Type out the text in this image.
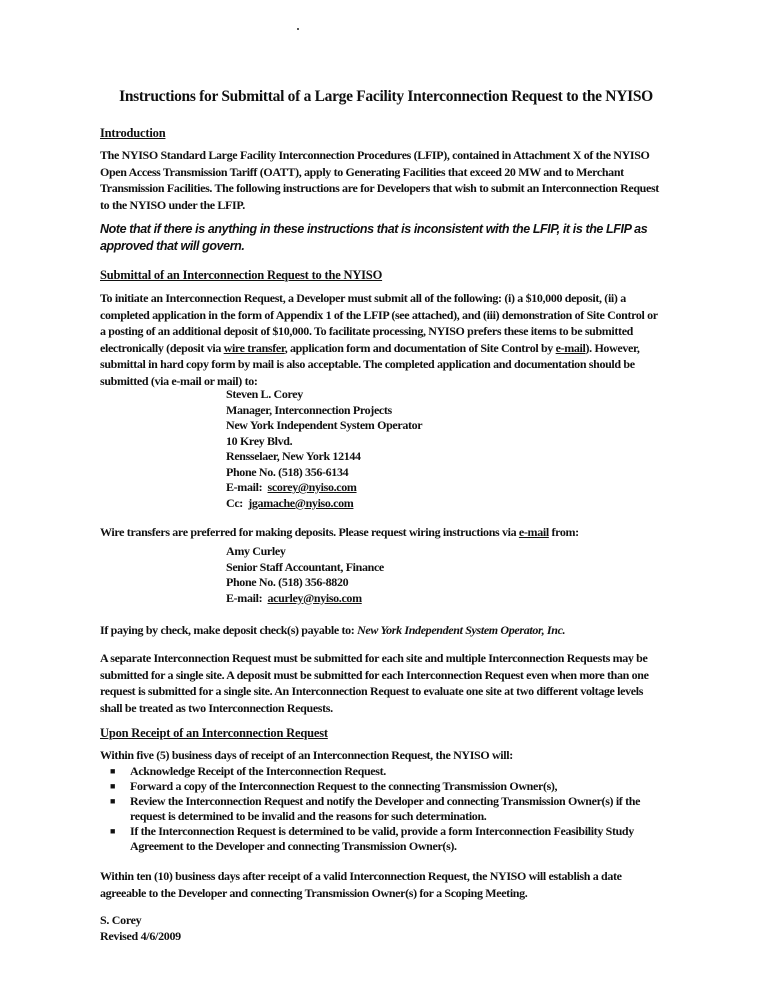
Instructions for Submittal of a Large Facility Interconnection Request to the NYISO
Introduction

The NYISO Standard Large Facility Interconnection Procedures (LFIP), contained in Attachment X of the NYISO Open Access Transmission Tariff (OATT), apply to Generating Facilities that exceed 20 MW and to Merchant Transmission Facilities. The following instructions are for Developers that wish to submit an Interconnection Request to the NYISO under the LFIP.

Note that if there is anything in these instructions that is inconsistent with the LFIP, it is the LFIP as approved that will govern.

Submittal of an Interconnection Request to the NYISO

To initiate an Interconnection Request, a Developer must submit all of the following: (i) a $10,000 deposit, (ii) a completed application in the form of Appendix 1 of the LFIP (see attached), and (iii) demonstration of Site Control or a posting of an additional deposit of $10,000. To facilitate processing, NYISO prefers these items to be submitted electronically (deposit via wire transfer, application form and documentation of Site Control by e-mail). However, submittal in hard copy form by mail is also acceptable. The completed application and documentation should be submitted (via e-mail or mail) to:

Steven L. Corey
Manager, Interconnection Projects
New York Independent System Operator
10 Krey Blvd.
Rensselaer, New York 12144
Phone No. (518) 356-6134
E-mail: scorey@nyiso.com
Cc: jgamache@nyiso.com

Wire transfers are preferred for making deposits. Please request wiring instructions via e-mail from:

Amy Curley
Senior Staff Accountant, Finance
Phone No. (518) 356-8820
E-mail: acurley@nyiso.com

If paying by check, make deposit check(s) payable to: New York Independent System Operator, Inc.

A separate Interconnection Request must be submitted for each site and multiple Interconnection Requests may be submitted for a single site. A deposit must be submitted for each Interconnection Request even when more than one request is submitted for a single site. An Interconnection Request to evaluate one site at two different voltage levels shall be treated as two Interconnection Requests.

Upon Receipt of an Interconnection Request

Within five (5) business days of receipt of an Interconnection Request, the NYISO will:

■ Acknowledge Receipt of the Interconnection Request.
■ Forward a copy of the Interconnection Request to the connecting Transmission Owner(s),
■ Review the Interconnection Request and notify the Developer and connecting Transmission Owner(s) if the request is determined to be invalid and the reasons for such determination.
■ If the Interconnection Request is determined to be valid, provide a form Interconnection Feasibility Study Agreement to the Developer and connecting Transmission Owner(s).

Within ten (10) business days after receipt of a valid Interconnection Request, the NYISO will establish a date agreeable to the Developer and connecting Transmission Owner(s) for a Scoping Meeting.

S. Corey
Revised 4/6/2009
